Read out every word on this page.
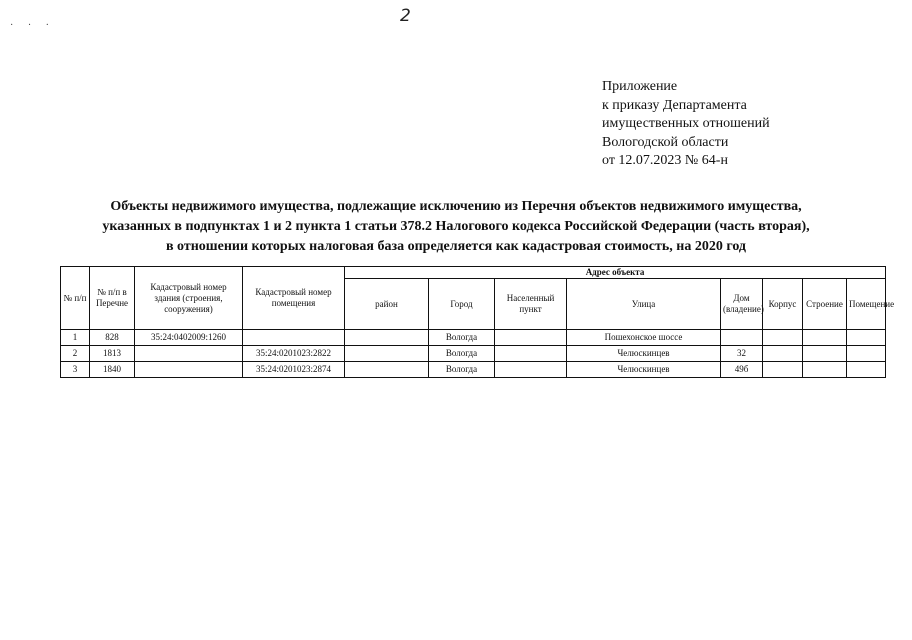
2
· · ·
Приложение
к приказу Департамента
имущественных отношений
Вологодской области
от 12.07.2023 № 64-н
Объекты недвижимого имущества, подлежащие исключению из Перечня объектов недвижимого имущества,
указанных в подпунктах 1 и 2 пункта 1 статьи 378.2 Налогового кодекса Российской Федерации (часть вторая),
в отношении которых налоговая база определяется как кадастровая стоимость, на 2020 год
№ п/п	№ п/п в Перечне	Кадастровый номер здания (строения, сооружения)	Кадастровый номер помещения	Адрес объекта							
				район	Город	Населенный пункт	Улица	Дом (владение)	Корпус	Строение	Помещение
1	828	35:24:0402009:1260			Вологда		Пошехонское шоссе				
2	1813		35:24:0201023:2822		Вологда		Челюскинцев	32			
3	1840		35:24:0201023:2874		Вологда		Челюскинцев	49б			
